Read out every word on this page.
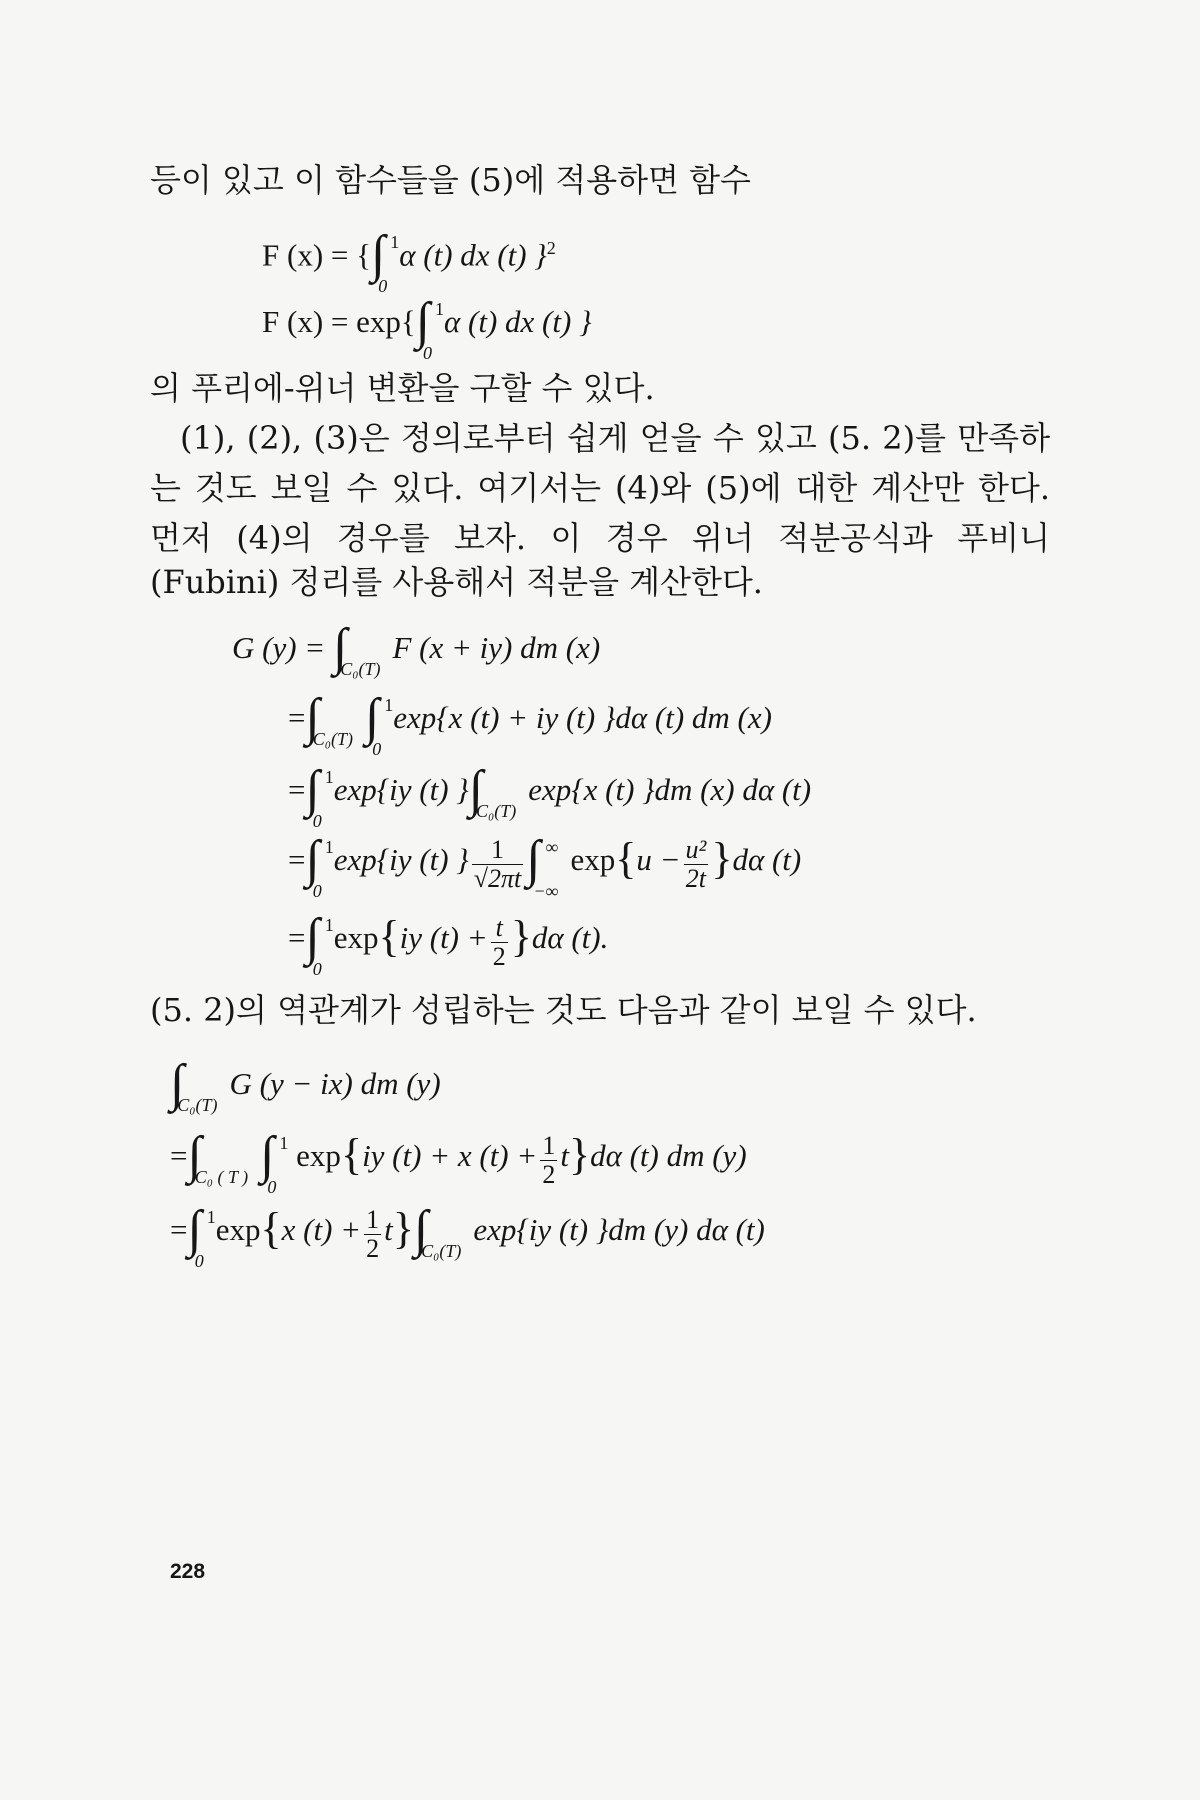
등이 있고 이 함수들을 (5)에 적용하면 함수
F (x) = {∫ 1
0
α (t) dx (t) }$^2$
F (x) = exp{∫ 1
0
α (t) dx (t) }
의 푸리에-위너 변환을 구할 수 있다.
(1), (2), (3)은 정의로부터 쉽게 얻을 수 있고 (5. 2)를 만족하
는 것도 보일 수 있다. 여기서는 (4)와 (5)에 대한 계산만 한다.
먼저 (4)의 경우를 보자. 이 경우 위너 적분공식과 푸비니
(Fubini) 정리를 사용해서 적분을 계산한다.
G (y) = ∫
C₀(T)
F (x + iy) dm (x)
=∫
C₀(T) ∫ 1
0
exp{x (t) + iy (t) }dα (t) dm (x)
=∫ 1
0
exp{iy (t) }∫
C₀(T)
exp{x (t) }dm (x) dα (t)
=∫ 1
0
exp{iy (t) } $\frac{1}{√2\pi t}$ ∫ ∞
−∞
$\exp\{u - \frac{\text{u²}}{2t} \}d\alpha$ (t)
=∫ 1
0
exp{iy $(t) + \frac{t}{2} \}d\alpha$ (t).
(5. 2)의 역관계가 성립하는 것도 다음과 같이 보일 수 있다.
∫
C₀(T)
G (y − ix) dm (y)
=∫
C₀ ( T ) ∫ 1
0
exp{iy (t) + x $(t) + \frac{1}{2} t\}d\alpha$ (t) dm (y)
=∫ 1
0
exp{x $(t) + \frac{1}{2} t\}\int$
C₀(T)
exp{iy (t) }dm (y) dα (t)
228
